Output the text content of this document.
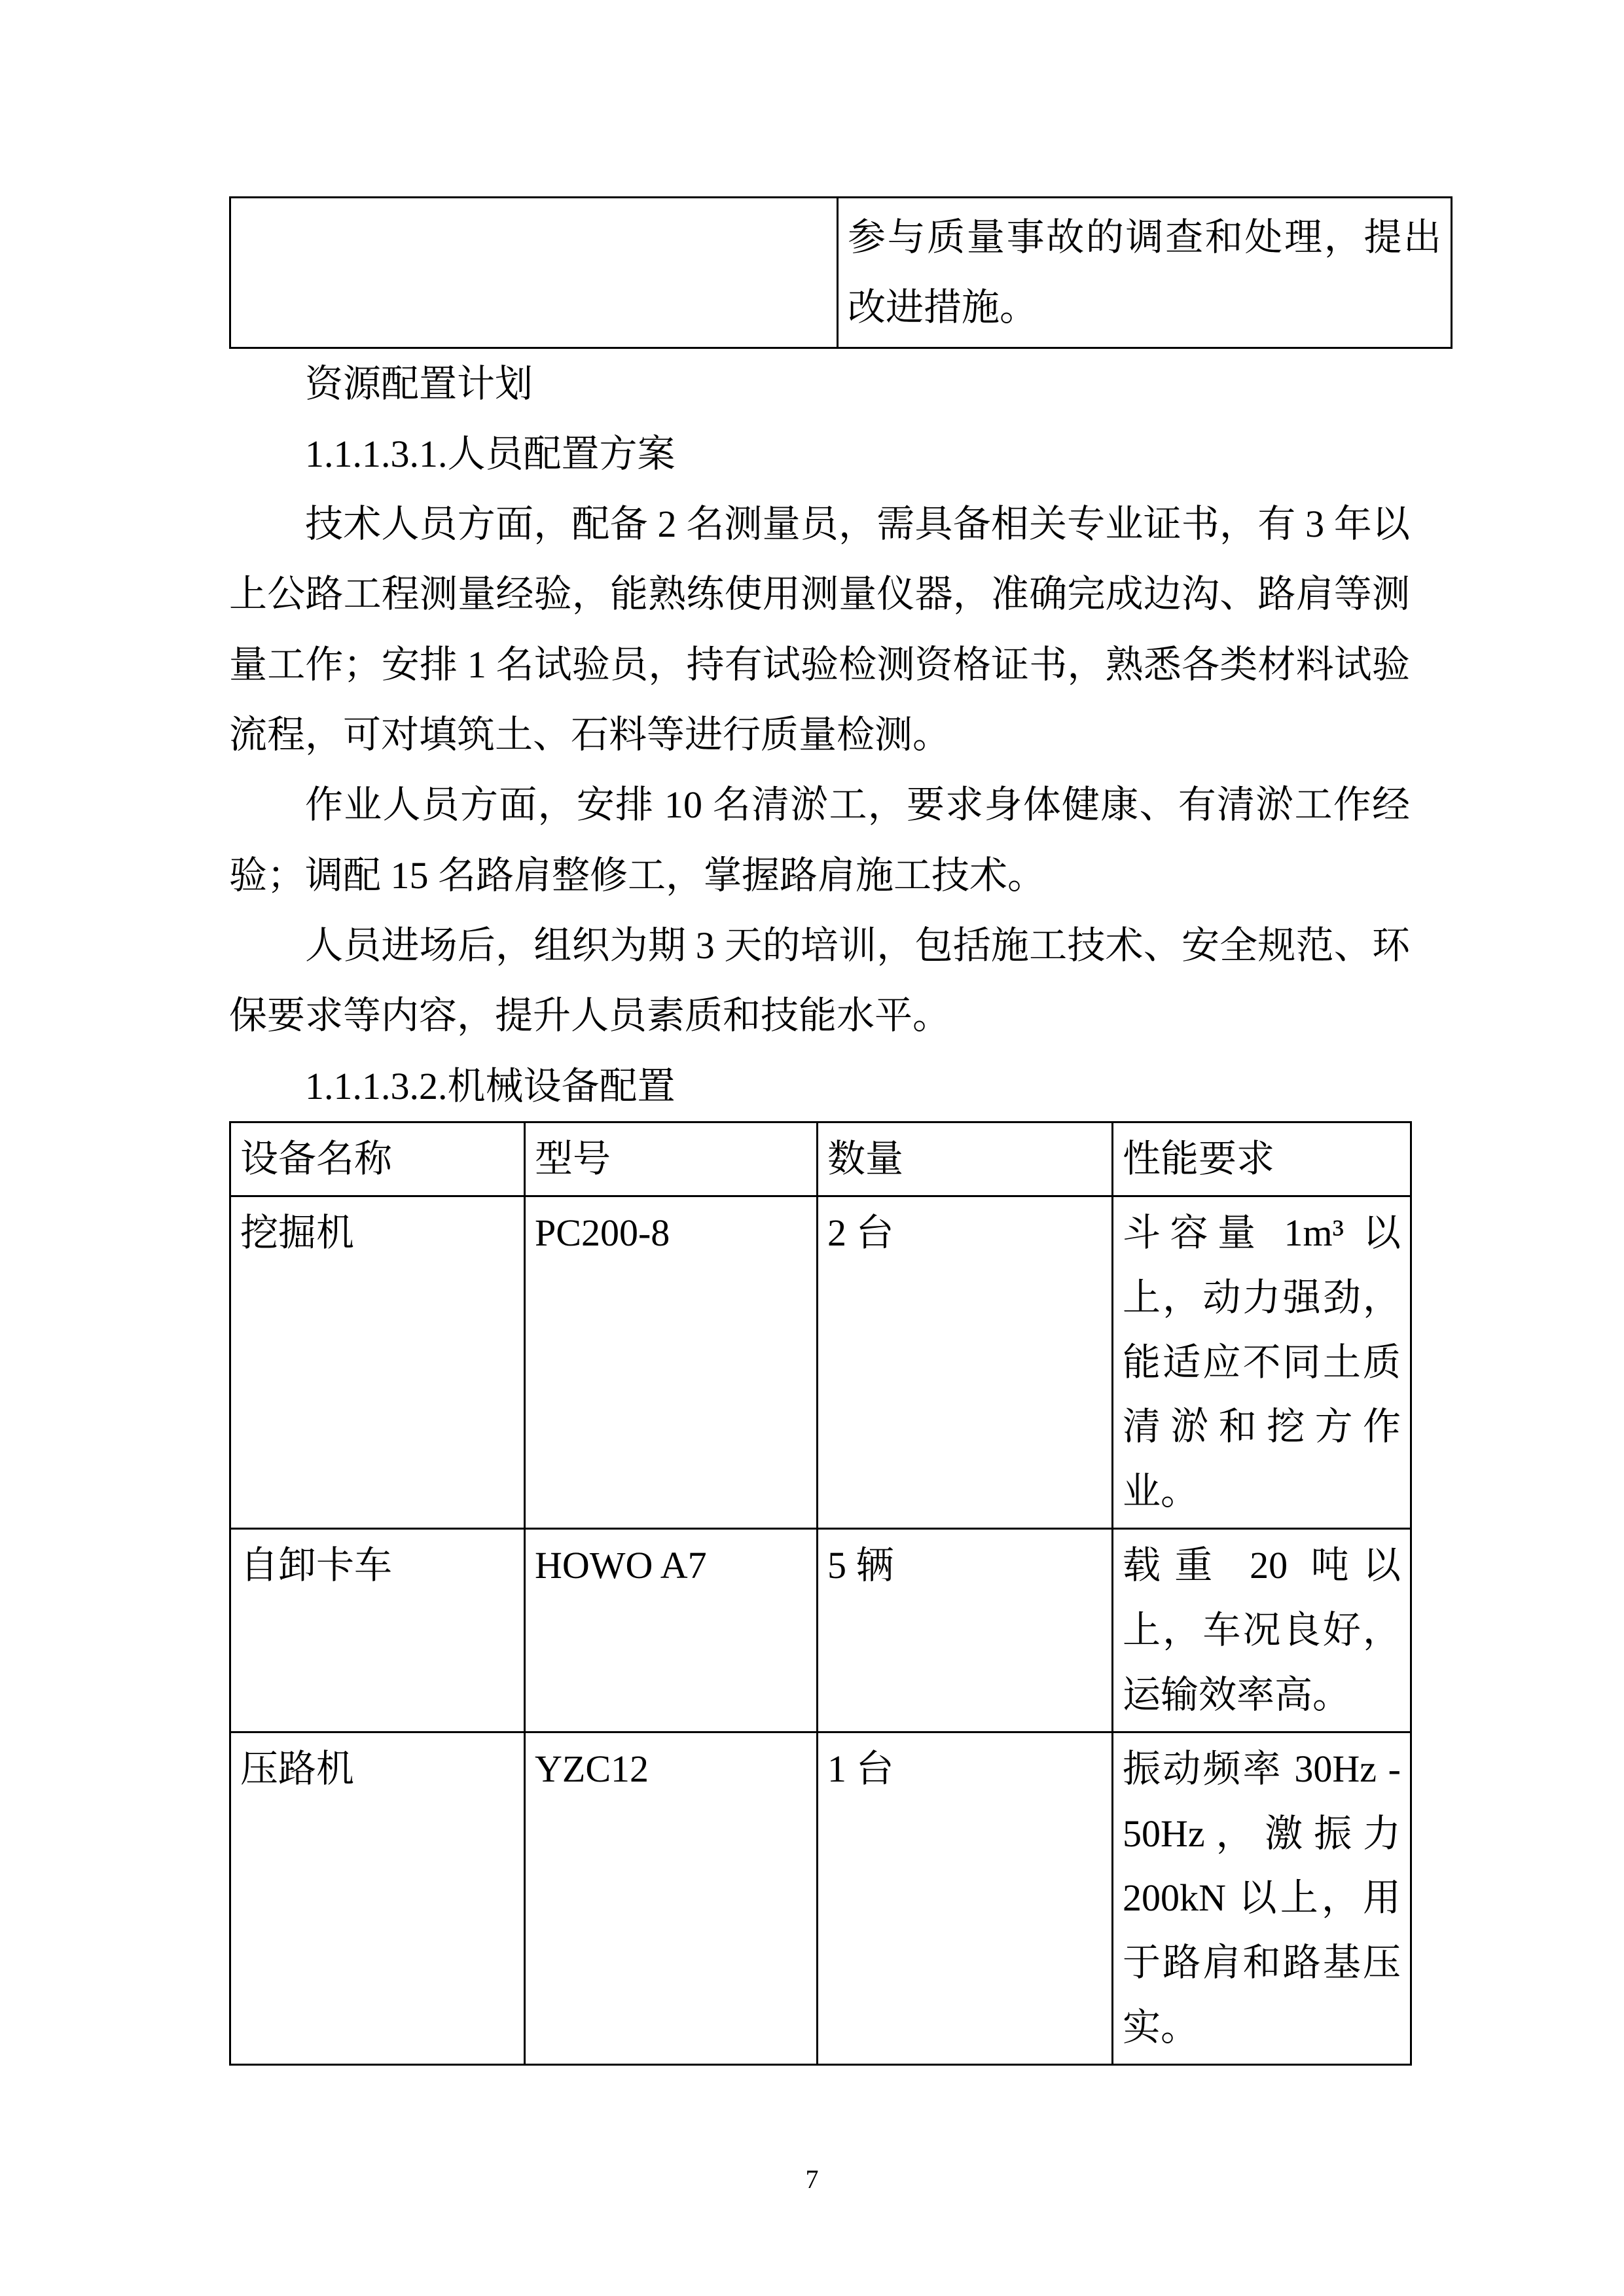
	参与质量事故的调查和处理，提出改进措施。

资源配置计划

1.1.1.3.1.人员配置方案

技术人员方面，配备 2 名测量员，需具备相关专业证书，有 3 年以上公路工程测量经验，能熟练使用测量仪器，准确完成边沟、路肩等测量工作；安排 1 名试验员，持有试验检测资格证书，熟悉各类材料试验流程，可对填筑土、石料等进行质量检测。

作业人员方面，安排 10 名清淤工，要求身体健康、有清淤工作经验；调配 15 名路肩整修工，掌握路肩施工技术。

人员进场后，组织为期 3 天的培训，包括施工技术、安全规范、环保要求等内容，提升人员素质和技能水平。

1.1.1.3.2.机械设备配置

设备名称	型号	数量	性能要求
挖掘机	PC200-8	2 台	斗容量 1m³ 以上，动力强劲，能适应不同土质清淤和挖方作业。
自卸卡车	HOWO A7	5 辆	载重 20 吨以上，车况良好，运输效率高。
压路机	YZC12	1 台	振动频率 30Hz - 50Hz，激振力 200kN 以上，用于路肩和路基压实。
7
